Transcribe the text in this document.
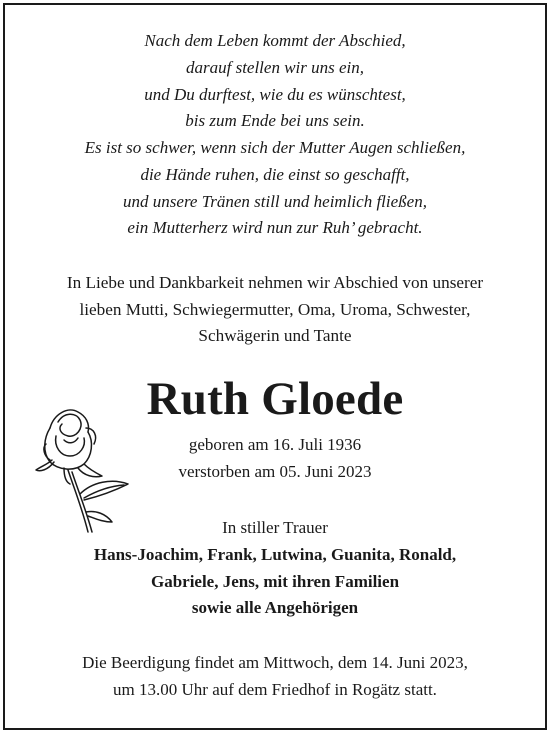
Nach dem Leben kommt der Abschied,
darauf stellen wir uns ein,
und Du durftest, wie du es wünschtest,
bis zum Ende bei uns sein.
Es ist so schwer, wenn sich der Mutter Augen schließen,
die Hände ruhen, die einst so geschafft,
und unsere Tränen still und heimlich fließen,
ein Mutterherz wird nun zur Ruh’ gebracht.
In Liebe und Dankbarkeit nehmen wir Abschied von unserer
lieben Mutti, Schwiegermutter, Oma, Uroma, Schwester,
Schwägerin und Tante
Ruth Gloede
geboren am 16. Juli 1936
verstorben am 05. Juni 2023
In stiller Trauer
Hans-Joachim, Frank, Lutwina, Guanita, Ronald,
Gabriele, Jens, mit ihren Familien
sowie alle Angehörigen
Die Beerdigung findet am Mittwoch, dem 14. Juni 2023,
um 13.00 Uhr auf dem Friedhof in Rogätz statt.
